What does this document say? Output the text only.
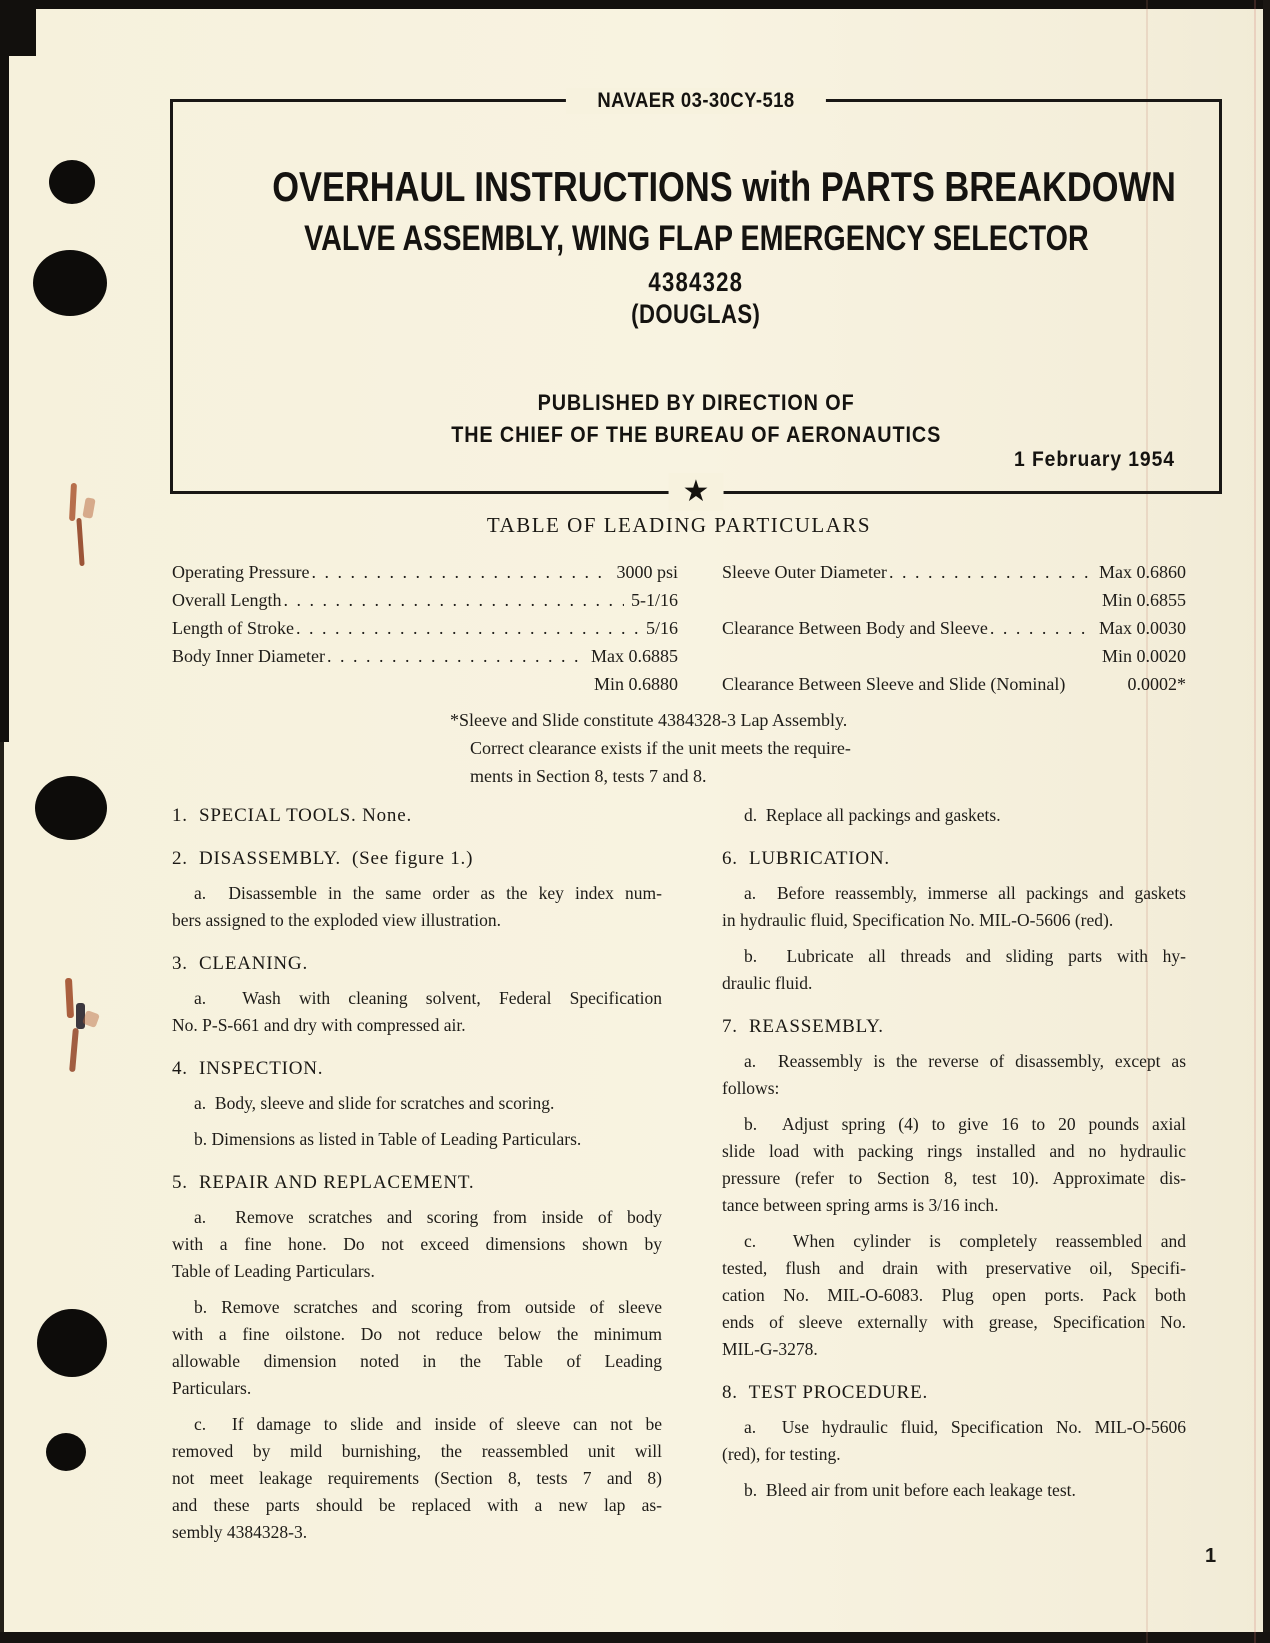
NAVAER 03-30CY-518
OVERHAUL INSTRUCTIONS with PARTS BREAKDOWN
VALVE ASSEMBLY, WING FLAP EMERGENCY SELECTOR
4384328
(DOUGLAS)
PUBLISHED BY DIRECTION OF
THE CHIEF OF THE BUREAU OF AERONAUTICS
1 February 1954
★
TABLE OF LEADING PARTICULARS
Operating Pressure . . .	3000 psi
Overall Length . . .	5-1/16
Length of Stroke . . .	5/16
Body Inner Diameter . . .	Max 0.6885
Min 0.6880
Sleeve Outer Diameter . . .	Max 0.6860
Min 0.6855
Clearance Between Body and Sleeve . . .	Max 0.0030
Min 0.0020
Clearance Between Sleeve and Slide (Nominal)	0.0002*
*Sleeve and Slide constitute 4384328-3 Lap Assembly.
Correct clearance exists if the unit meets the require-
ments in Section 8, tests 7 and 8.
1.  SPECIAL TOOLS. None.
2.  DISASSEMBLY.  (See figure 1.)
a.  Disassemble in the same order as the key index num-
bers assigned to the exploded view illustration.
3.  CLEANING.
a.  Wash with cleaning solvent, Federal Specification
No. P-S-661 and dry with compressed air.
4.  INSPECTION.
a.  Body, sleeve and slide for scratches and scoring.
b. Dimensions as listed in Table of Leading Particulars.
5.  REPAIR AND REPLACEMENT.
a.  Remove scratches and scoring from inside of body
with a fine hone. Do not exceed dimensions shown by
Table of Leading Particulars.
b. Remove scratches and scoring from outside of sleeve
with a fine oilstone. Do not reduce below the minimum
allowable dimension noted in the Table of Leading
Particulars.
c.  If damage to slide and inside of sleeve can not be
removed by mild burnishing, the reassembled unit will
not meet leakage requirements (Section 8, tests 7 and 8)
and these parts should be replaced with a new lap as-
sembly 4384328-3.
d.  Replace all packings and gaskets.
6.  LUBRICATION.
a.  Before reassembly, immerse all packings and gaskets
in hydraulic fluid, Specification No. MIL-O-5606 (red).
b.  Lubricate all threads and sliding parts with hy-
draulic fluid.
7.  REASSEMBLY.
a.  Reassembly is the reverse of disassembly, except as
follows:
b.  Adjust spring (4) to give 16 to 20 pounds axial
slide load with packing rings installed and no hydraulic
pressure (refer to Section 8, test 10). Approximate dis-
tance between spring arms is 3/16 inch.
c.  When cylinder is completely reassembled and
tested, flush and drain with preservative oil, Specifi-
cation No. MIL-O-6083. Plug open ports. Pack both
ends of sleeve externally with grease, Specification No.
MIL-G-3278.
8.  TEST PROCEDURE.
a.  Use hydraulic fluid, Specification No. MIL-O-5606
(red), for testing.
b.  Bleed air from unit before each leakage test.
1
